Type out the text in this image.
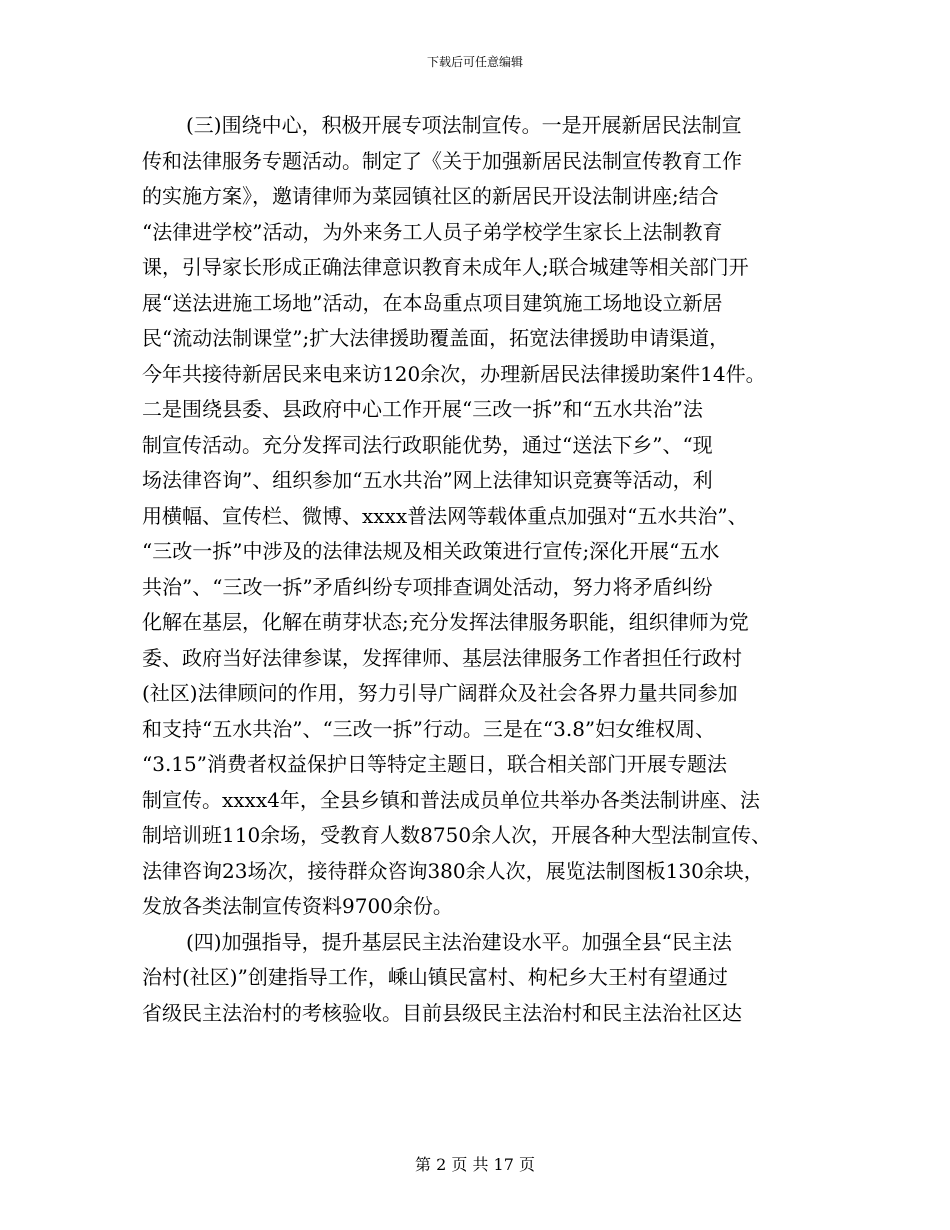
下载后可任意编辑
(三)围绕中心，积极开展专项法制宣传。一是开展新居民法制宣
传和法律服务专题活动。制定了《关于加强新居民法制宣传教育工作
的实施方案》，邀请律师为菜园镇社区的新居民开设法制讲座;结合
“法律进学校”活动，为外来务工人员子弟学校学生家长上法制教育
课，引导家长形成正确法律意识教育未成年人;联合城建等相关部门开
展“送法进施工场地”活动，在本岛重点项目建筑施工场地设立新居
民“流动法制课堂”;扩大法律援助覆盖面，拓宽法律援助申请渠道，
今年共接待新居民来电来访120余次，办理新居民法律援助案件14件。
二是围绕县委、县政府中心工作开展“三改一拆”和“五水共治”法
制宣传活动。充分发挥司法行政职能优势，通过“送法下乡”、“现
场法律咨询”、组织参加“五水共治”网上法律知识竞赛等活动，利
用横幅、宣传栏、微博、xxxx普法网等载体重点加强对“五水共治”、
“三改一拆”中涉及的法律法规及相关政策进行宣传;深化开展“五水
共治”、“三改一拆”矛盾纠纷专项排查调处活动，努力将矛盾纠纷
化解在基层，化解在萌芽状态;充分发挥法律服务职能，组织律师为党
委、政府当好法律参谋，发挥律师、基层法律服务工作者担任行政村
(社区)法律顾问的作用，努力引导广阔群众及社会各界力量共同参加
和支持“五水共治”、“三改一拆”行动。三是在“3.8”妇女维权周、
“3.15”消费者权益保护日等特定主题日，联合相关部门开展专题法
制宣传。xxxx4年，全县乡镇和普法成员单位共举办各类法制讲座、法
制培训班110余场，受教育人数8750余人次，开展各种大型法制宣传、
法律咨询23场次，接待群众咨询380余人次，展览法制图板130余块，
发放各类法制宣传资料9700余份。
(四)加强指导，提升基层民主法治建设水平。加强全县“民主法
治村(社区)”创建指导工作，嵊山镇民富村、枸杞乡大王村有望通过
省级民主法治村的考核验收。目前县级民主法治村和民主法治社区达
第 2 页 共 17 页
